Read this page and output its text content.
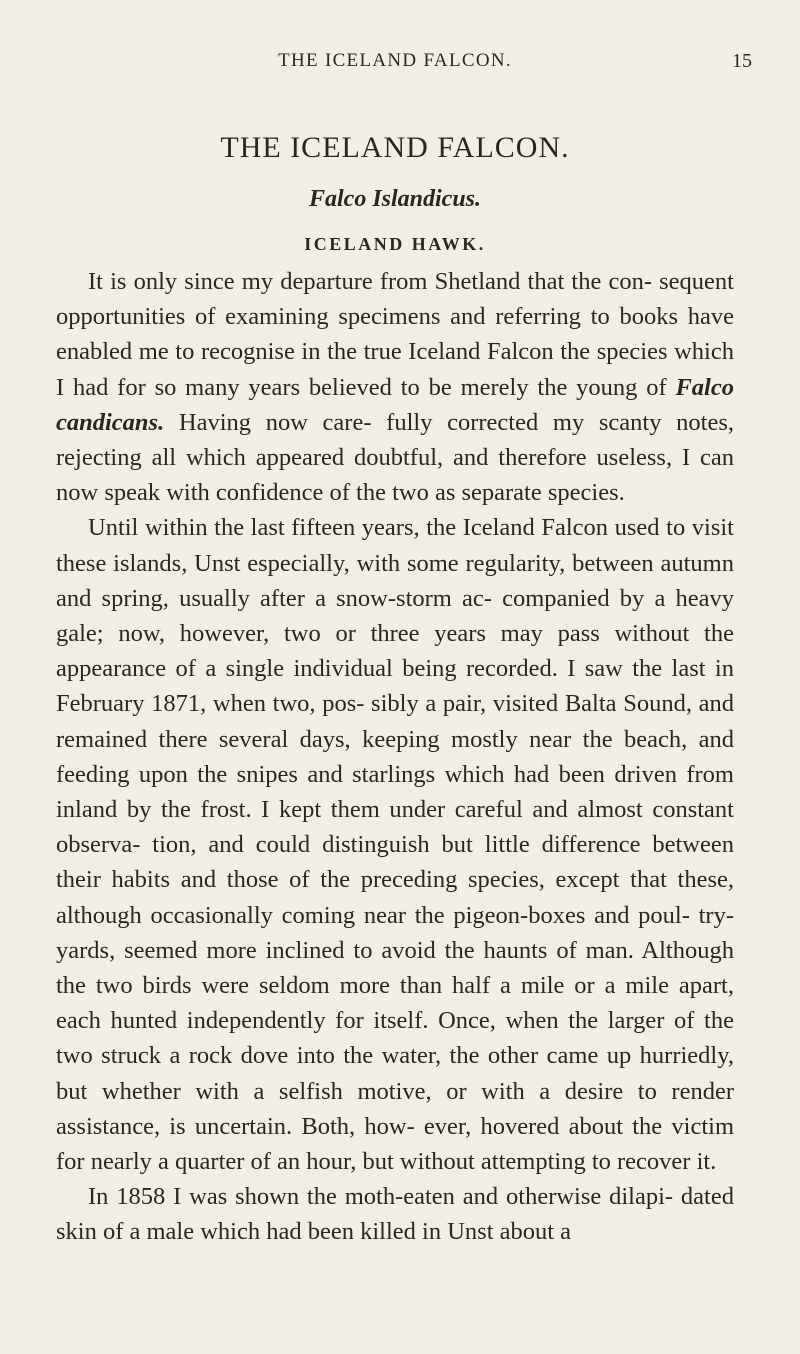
THE ICELAND FALCON.	15
THE ICELAND FALCON.
Falco Islandicus.
ICELAND HAWK.

It is only since my departure from Shetland that the con- sequent opportunities of examining specimens and referring to books have enabled me to recognise in the true Iceland Falcon the species which I had for so many years believed to be merely the young of Falco candicans. Having now care- fully corrected my scanty notes, rejecting all which appeared doubtful, and therefore useless, I can now speak with confidence of the two as separate species.

Until within the last fifteen years, the Iceland Falcon used to visit these islands, Unst especially, with some regularity, between autumn and spring, usually after a snow-storm ac- companied by a heavy gale; now, however, two or three years may pass without the appearance of a single individual being recorded. I saw the last in February 1871, when two, pos- sibly a pair, visited Balta Sound, and remained there several days, keeping mostly near the beach, and feeding upon the snipes and starlings which had been driven from inland by the frost. I kept them under careful and almost constant observa- tion, and could distinguish but little difference between their habits and those of the preceding species, except that these, although occasionally coming near the pigeon-boxes and poul- try-yards, seemed more inclined to avoid the haunts of man. Although the two birds were seldom more than half a mile or a mile apart, each hunted independently for itself. Once, when the larger of the two struck a rock dove into the water, the other came up hurriedly, but whether with a selfish motive, or with a desire to render assistance, is uncertain. Both, how- ever, hovered about the victim for nearly a quarter of an hour, but without attempting to recover it.

In 1858 I was shown the moth-eaten and otherwise dilapi- dated skin of a male which had been killed in Unst about a
